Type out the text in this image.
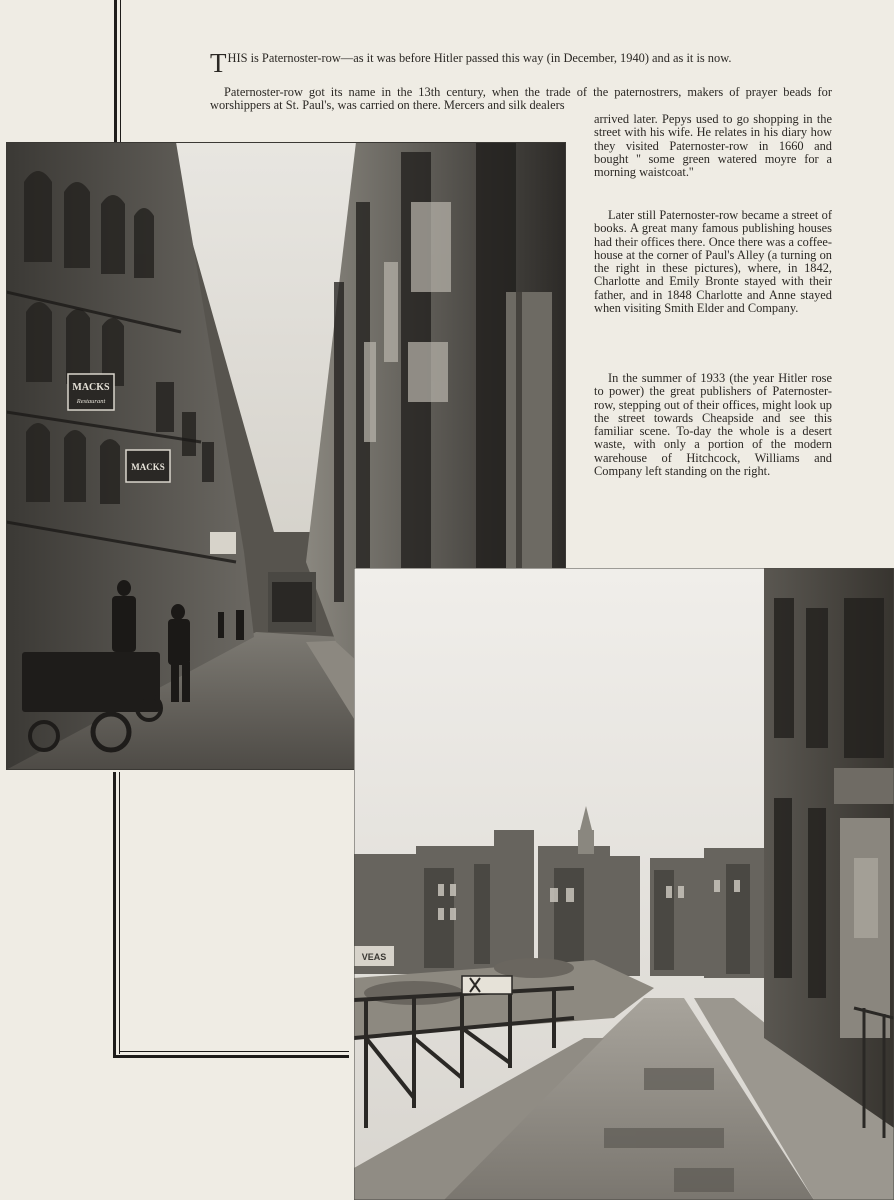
THIS is Paternoster-row—as it was before Hitler passed this way (in December, 1940) and as it is now.

Paternoster-row got its name in the 13th century, when the trade of the paternostrers, makers of prayer beads for worshippers at St. Paul's, was carried on there. Mercers and silk dealers

arrived later. Pepys used to go shopping in the street with his wife. He relates in his diary how they visited Paternoster-row in 1660 and bought '' some green watered moyre for a morning waistcoat.''

Later still Paternoster-row became a street of books. A great many famous publishing houses had their offices there. Once there was a coffee-house at the corner of Paul's Alley (a turning on the right in these pictures), where, in 1842, Charlotte and Emily Bronte stayed with their father, and in 1848 Charlotte and Anne stayed when visiting Smith Elder and Company.

In the summer of 1933 (the year Hitler rose to power) the great publishers of Paternoster-row, stepping out of their offices, might look up the street towards Cheapside and see this familiar scene. To-day the whole is a desert waste, with only a portion of the modern warehouse of Hitchcock, Williams and Company left standing on the right.

MACKS
Restaurant
MACKS
VEAS
